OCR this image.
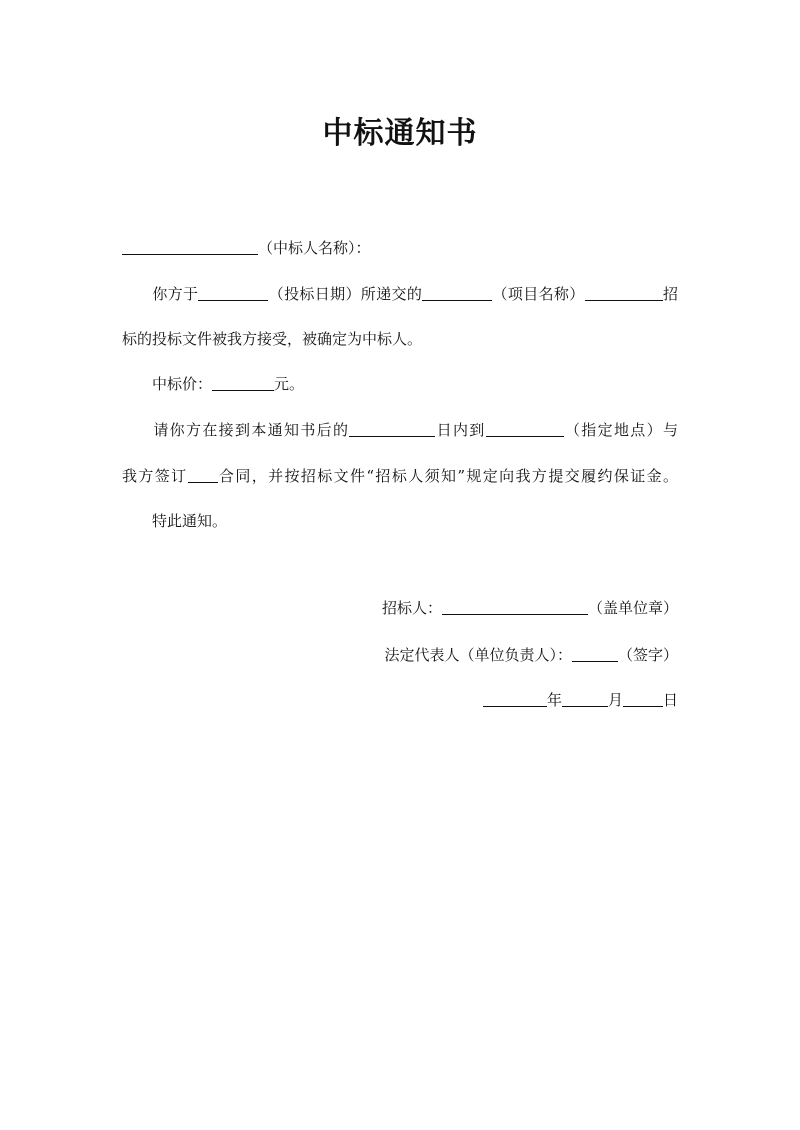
中标通知书
（中标人名称）：
你方于	（投标日期）所递交的	（项目名称）	招
标的投标文件被我方接受，被确定为中标人。
中标价：	元。
请你方在接到本通知书后的	日内到	（指定地点）与
我方签订 合同，并按招标文件“招标人须知”规定向我方提交履约保证金。
特此通知。
招标人：	（盖单位章）
法定代表人（单位负责人）：	（签字）
年	月	日
